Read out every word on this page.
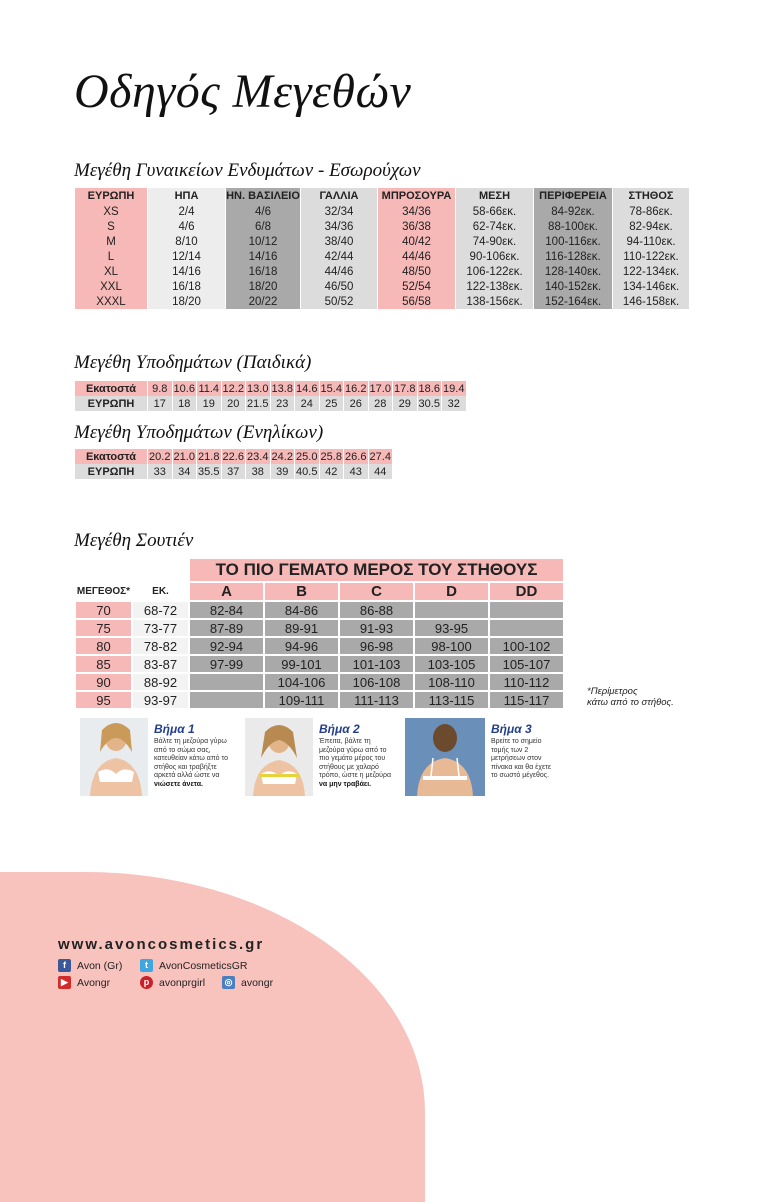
Οδηγός Μεγεθών
Μεγέθη Γυναικείων Ενδυμάτων - Εσωρούχων
ΕΥΡΩΠΗ	ΗΠΑ	ΗΝ. ΒΑΣΙΛΕΙΟ	ΓΑΛΛΙΑ	ΜΠΡΟΣΟΥΡΑ	ΜΕΣΗ	ΠΕΡΙΦΕΡΕΙΑ	ΣΤΗΘΟΣ
XS	2/4	4/6	32/34	34/36	58-66εκ.	84-92εκ.	78-86εκ.
S	4/6	6/8	34/36	36/38	62-74εκ.	88-100εκ.	82-94εκ.
M	8/10	10/12	38/40	40/42	74-90εκ.	100-116εκ.	94-110εκ.
L	12/14	14/16	42/44	44/46	90-106εκ.	116-128εκ.	110-122εκ.
XL	14/16	16/18	44/46	48/50	106-122εκ.	128-140εκ.	122-134εκ.
XXL	16/18	18/20	46/50	52/54	122-138εκ.	140-152εκ.	134-146εκ.
XXXL	18/20	20/22	50/52	56/58	138-156εκ.	152-164εκ.	146-158εκ.
Μεγέθη Υποδημάτων (Παιδικά)
Εκατοστά	9.8	10.6	11.4	12.2	13.0	13.8	14.6	15.4	16.2	17.0	17.8	18.6	19.4
ΕΥΡΩΠΗ	17	18	19	20	21.5	23	24	25	26	28	29	30.5	32
Μεγέθη Υποδημάτων (Ενηλίκων)
Εκατοστά	20.2	21.0	21.8	22.6	23.4	24.2	25.0	25.8	26.6	27.4
ΕΥΡΩΠΗ	33	34	35.5	37	38	39	40.5	42	43	44
Μεγέθη Σουτιέν
		ΤΟ ΠΙΟ ΓΕΜΑΤΟ ΜΕΡΟΣ ΤΟΥ ΣΤΗΘΟΥΣ				
ΜΕΓΕΘΟΣ*	ΕΚ.	A	B	C	D	DD
70	68-72	82-84	84-86	86-88		
75	73-77	87-89	89-91	91-93	93-95	
80	78-82	92-94	94-96	96-98	98-100	100-102
85	83-87	97-99	99-101	101-103	103-105	105-107
90	88-92		104-106	106-108	108-110	110-112
95	93-97		109-111	111-113	113-115	115-117
*Περίμετρος
κάτω από το στήθος.
Βήμα 1
Βάλτε τη μεζούρα γύρω από το σώμα σας, κατευθείαν κάτω από το στήθος και τραβήξτε αρκετά αλλά ώστε να νιώσετε άνετα.
Βήμα 2
Έπειτα, βάλτε τη μεζούρα γύρω από το πιο γεμάτο μέρος του στήθους με χαλαρό τρόπο, ώστε η μεζούρα να μην τραβάει.
Βήμα 3
Βρείτε το σημείο τομής των 2 μετρήσεων στον πίνακα και θα έχετε το σωστό μέγεθος.
www.avoncosmetics.gr
f	Avon (Gr)	t	AvonCosmeticsGR
▶ Avongr	p avonprgirl ◎ avongr
